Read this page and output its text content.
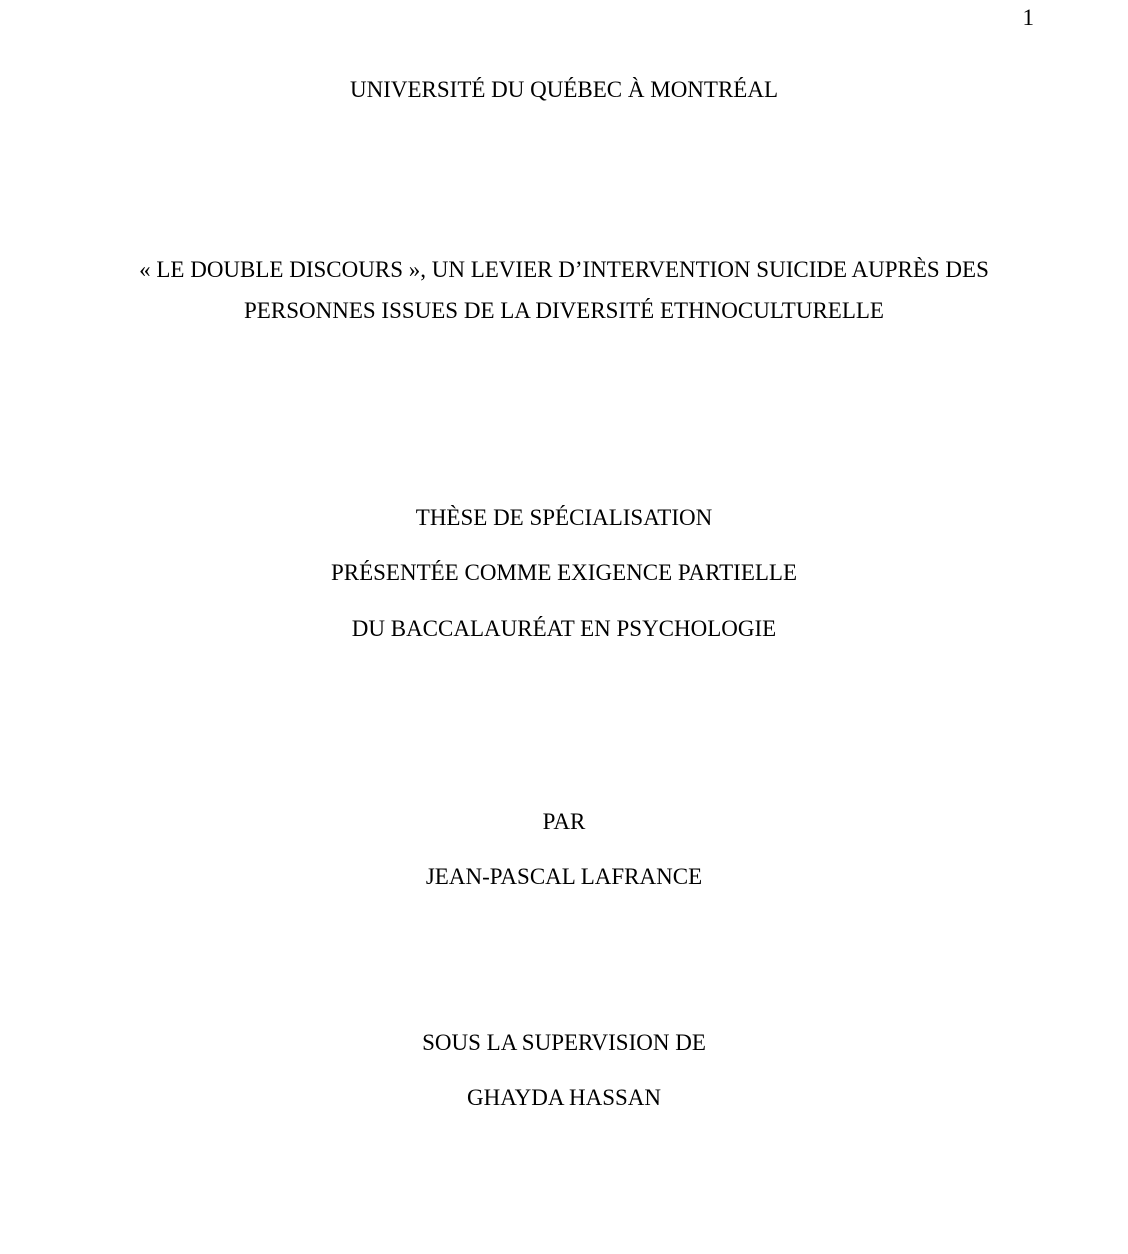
1
UNIVERSITÉ DU QUÉBEC À MONTRÉAL
« LE DOUBLE DISCOURS », UN LEVIER D’INTERVENTION SUICIDE AUPRÈS DES
PERSONNES ISSUES DE LA DIVERSITÉ ETHNOCULTURELLE
THÈSE DE SPÉCIALISATION
PRÉSENTÉE COMME EXIGENCE PARTIELLE
DU BACCALAURÉAT EN PSYCHOLOGIE
PAR
JEAN-PASCAL LAFRANCE
SOUS LA SUPERVISION DE
GHAYDA HASSAN
